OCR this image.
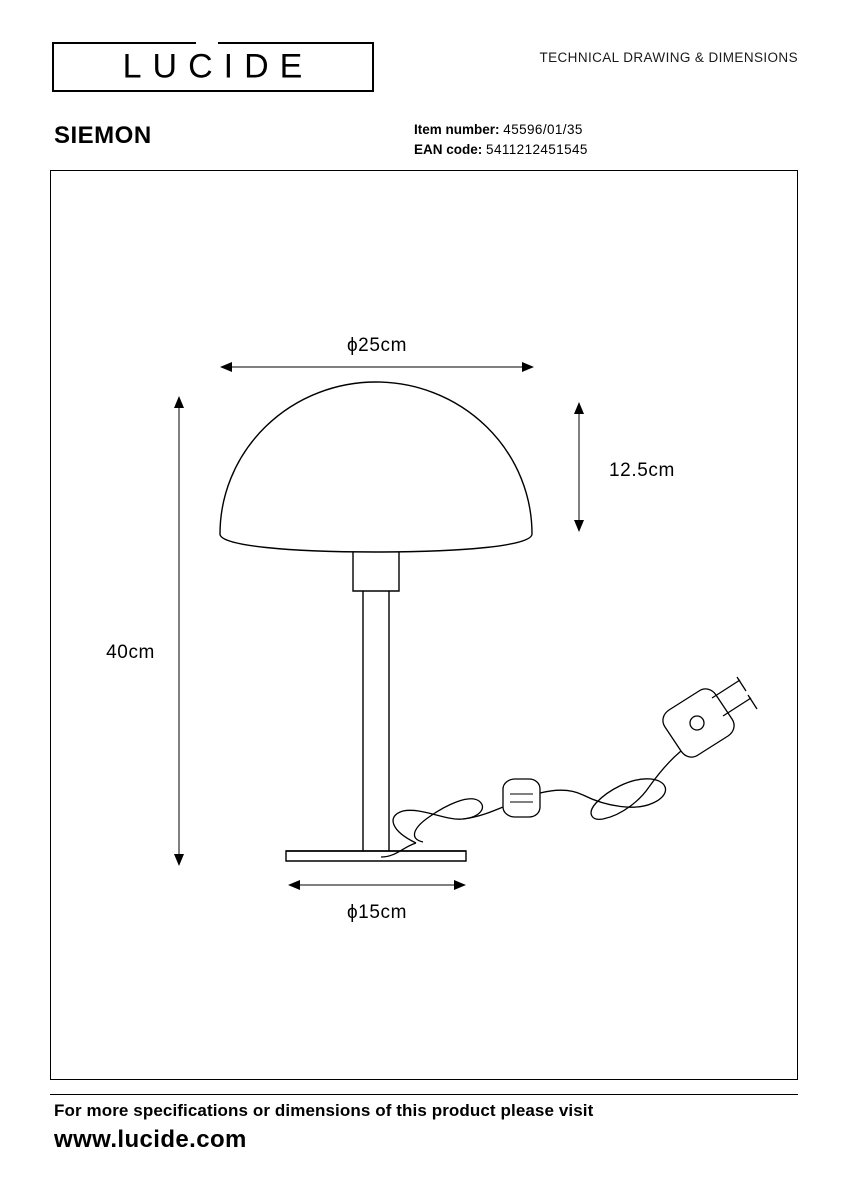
LUCIDE	TECHNICAL DRAWING & DIMENSIONS
SIEMON	Item number: 45596/01/35
EAN code: 5411212451545
ϕ25cm
12.5cm
40cm
ϕ15cm
For more specifications or dimensions of this product please visit
www.lucide.com
